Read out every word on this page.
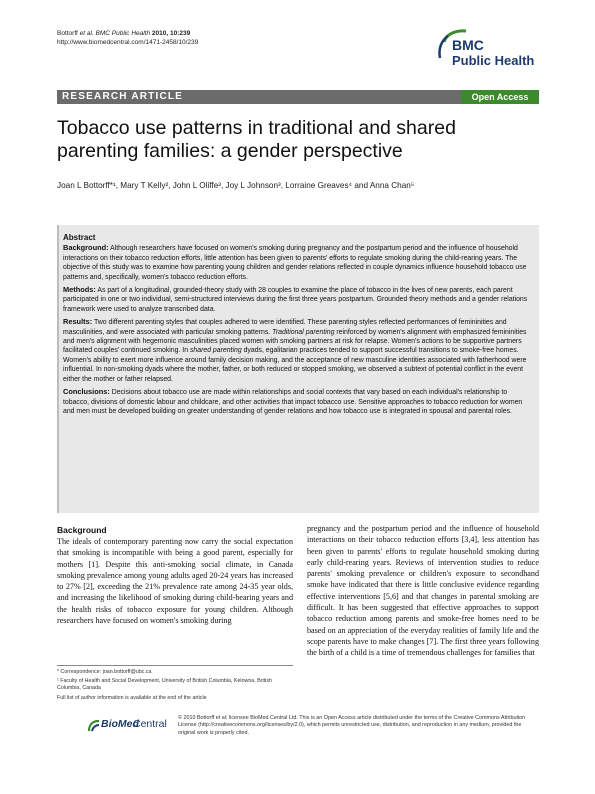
Bottorff et al. BMC Public Health 2010, 10:239
http://www.biomedcentral.com/1471-2458/10/239	BMC
Public Health
RESEARCH ARTICLE	Open Access
Tobacco use patterns in traditional and shared parenting families: a gender perspective
Joan L Bottorff*¹, Mary T Kelly², John L Oliffe³, Joy L Johnson³, Lorraine Greaves⁴ and Anna Chan⁵
Abstract

Background: Although researchers have focused on women's smoking during pregnancy and the postpartum period and the influence of household interactions on their tobacco reduction efforts, little attention has been given to parents' efforts to regulate smoking during the child-rearing years. The objective of this study was to examine how parenting young children and gender relations reflected in couple dynamics influence household tobacco use patterns and, specifically, women's tobacco reduction efforts.

Methods: As part of a longitudinal, grounded-theory study with 28 couples to examine the place of tobacco in the lives of new parents, each parent participated in one or two individual, semi-structured interviews during the first three years postpartum. Grounded theory methods and a gender relations framework were used to analyze transcribed data.

Results: Two different parenting styles that couples adhered to were identified. These parenting styles reflected performances of femininities and masculinities, and were associated with particular smoking patterns. Traditional parenting reinforced by women's alignment with emphasized femininities and men's alignment with hegemonic masculinities placed women with smoking partners at risk for relapse. Women's actions to be supportive partners facilitated couples' continued smoking. In shared parenting dyads, egalitarian practices tended to support successful transitions to smoke-free homes. Women's ability to exert more influence around family decision making, and the acceptance of new masculine identities associated with fatherhood were influential. In non-smoking dyads where the mother, father, or both reduced or stopped smoking, we observed a subtext of potential conflict in the event either the mother or father relapsed.

Conclusions: Decisions about tobacco use are made within relationships and social contexts that vary based on each individual's relationship to tobacco, divisions of domestic labour and childcare, and other activities that impact tobacco use. Sensitive approaches to tobacco reduction for women and men must be developed building on greater understanding of gender relations and how tobacco use is integrated in spousal and parental roles.

Background

The ideals of contemporary parenting now carry the social expectation that smoking is incompatible with being a good parent, especially for mothers [1]. Despite this anti-smoking social climate, in Canada smoking prevalence among young adults aged 20-24 years has increased to 27% [2], exceeding the 21% prevalence rate among 24-35 year olds, and increasing the likelihood of smoking during child-bearing years and the health risks of tobacco exposure for young children. Although researchers have focused on women's smoking during

pregnancy and the postpartum period and the influence of household interactions on their tobacco reduction efforts [3,4], less attention has been given to parents' efforts to regulate household smoking during early child-rearing years. Reviews of intervention studies to reduce parents' smoking prevalence or children's exposure to secondhand smoke have indicated that there is little conclusive evidence regarding effective interventions [5,6] and that changes in parental smoking are difficult. It has been suggested that effective approaches to support tobacco reduction among parents and smoke-free homes need to be based on an appreciation of the everyday realities of family life and the scope parents have to make changes [7]. The first three years following the birth of a child is a time of tremendous challenges for families that

* Correspondence: joan.bottorff@ubc.ca

¹ Faculty of Health and Social Development, University of British Columbia, Kelowna, British Columbia, Canada

Full list of author information is available at the end of the article

BioMed
Central © 2010 Bottorff et al; licensee BioMed Central Ltd. This is an Open Access article distributed under the terms of the Creative Commons Attribution License (http://creativecommons.org/licenses/by/2.0), which permits unrestricted use, distribution, and reproduction in any medium, provided the original work is properly cited.
